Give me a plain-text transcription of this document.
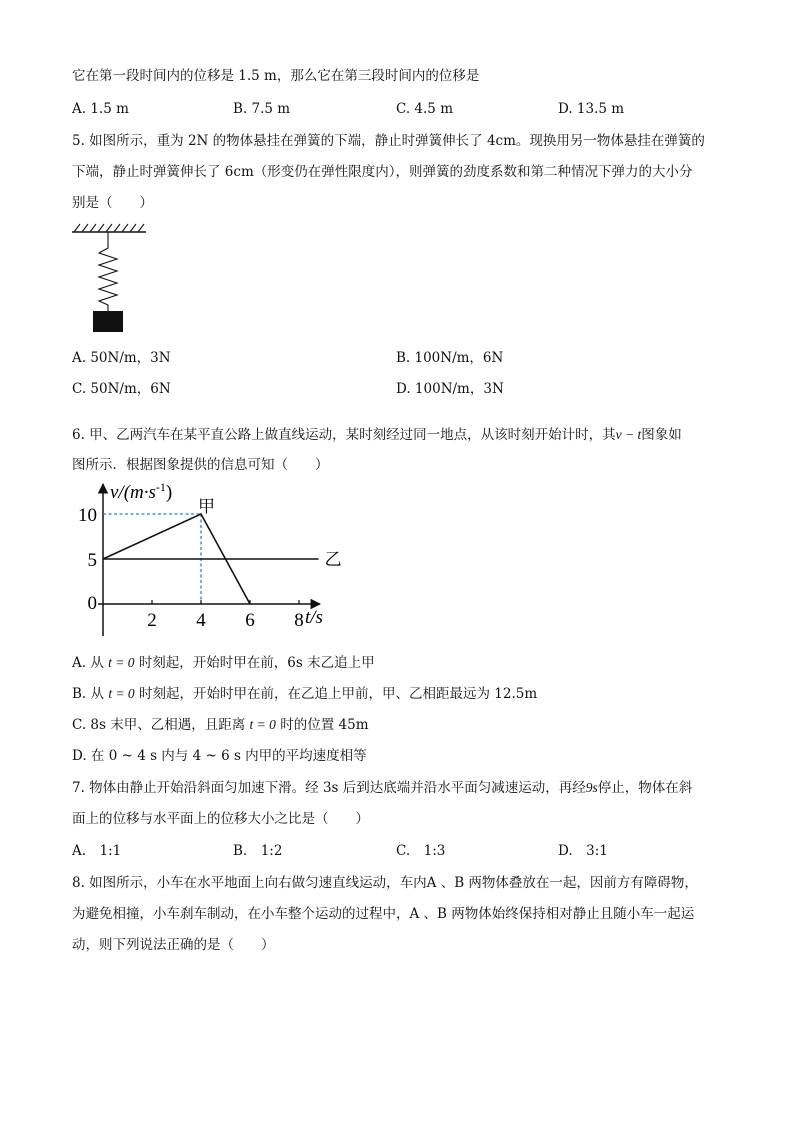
它在第一段时间内的位移是 1.5 m，那么它在第三段时间内的位移是
A. 1.5 m	B. 7.5 m	C. 4.5 m	D. 13.5 m
5. 如图所示，重为 2N 的物体悬挂在弹簧的下端，静止时弹簧伸长了 4cm。现换用另一物体悬挂在弹簧的
下端，静止时弹簧伸长了 6cm（形变仍在弹性限度内），则弹簧的劲度系数和第二种情况下弹力的大小分
别是（　　）
A. 50N/m，3N	B. 100N/m，6N
C. 50N/m，6N	D. 100N/m，3N
6. 甲、乙两汽车在某平直公路上做直线运动，某时刻经过同一地点，从该时刻开始计时，其v − t图象如
图所示．根据图象提供的信息可知（　　）
$v/(m\cdot s^{-1})$
t/s
2 4 6 8
10
5
0
甲
乙
A. 从 t = 0 时刻起，开始时甲在前，6s 末乙追上甲
B. 从 t = 0 时刻起，开始时甲在前，在乙追上甲前，甲、乙相距最远为 12.5m
C. 8s 末甲、乙相遇，且距离 t = 0 时的位置 45m
D. 在 0 ~ 4 s 内与 4 ~ 6 s 内甲的平均速度相等
7. 物体由静止开始沿斜面匀加速下滑。经 3s 后到达底端并沿水平面匀减速运动，再经9s停止，物体在斜
面上的位移与水平面上的位移大小之比是（　　）
A.　1:1	B.　1:2	C.　1:3	D.　3:1
8. 如图所示，小车在水平地面上向右做匀速直线运动，车内A 、B 两物体叠放在一起，因前方有障碍物，
为避免相撞，小车刹车制动，在小车整个运动的过程中，A 、B 两物体始终保持相对静止且随小车一起运
动，则下列说法正确的是（　　）
